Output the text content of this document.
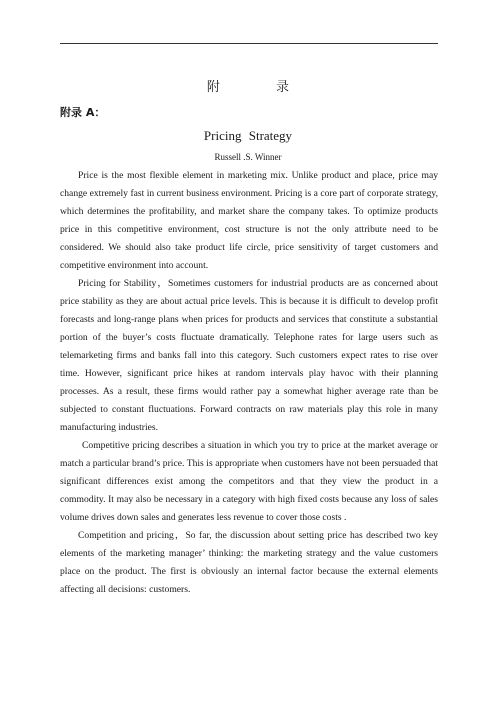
附 录
附录 A：
Pricing Strategy
Russell .S. Winner

Price is the most flexible element in marketing mix. Unlike product and place, price may change extremely fast in current business environment. Pricing is a core part of corporate strategy, which determines the profitability, and market share the company takes. To optimize products price in this competitive environment, cost structure is not the only attribute need to be considered. We should also take product life circle, price sensitivity of target customers and competitive environment into account.

Pricing for Stability，Sometimes customers for industrial products are as concerned about price stability as they are about actual price levels. This is because it is difficult to develop profit forecasts and long-range plans when prices for products and services that constitute a substantial portion of the buyer’s costs fluctuate dramatically. Telephone rates for large users such as telemarketing firms and banks fall into this category. Such customers expect rates to rise over time. However, significant price hikes at random intervals play havoc with their planning processes. As a result, these firms would rather pay a somewhat higher average rate than be subjected to constant fluctuations. Forward contracts on raw materials play this role in many manufacturing industries.

Competitive pricing describes a situation in which you try to price at the market average or match a particular brand’s price. This is appropriate when customers have not been persuaded that significant differences exist among the competitors and that they view the product in a commodity. It may also be necessary in a category with high fixed costs because any loss of sales volume drives down sales and generates less revenue to cover those costs .

Competition and pricing，So far, the discussion about setting price has described two key elements of the marketing manager’ thinking: the marketing strategy and the value customers place on the product. The first is obviously an internal factor because the external elements affecting all decisions: customers.
